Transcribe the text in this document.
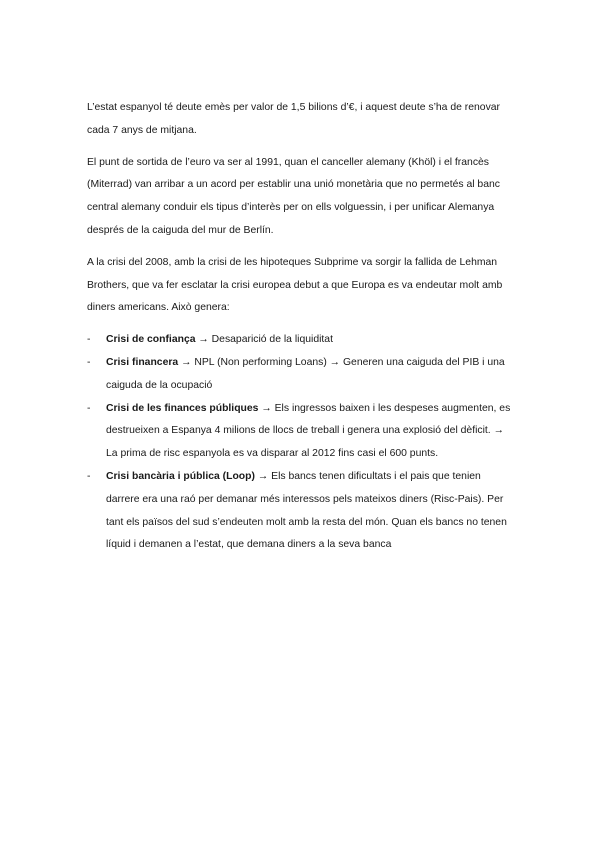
L’estat espanyol té deute emès per valor de 1,5 bilions d’€, i aquest deute s’ha de renovar cada 7 anys de mitjana.

El punt de sortida de l’euro va ser al 1991, quan el canceller alemany (Khöl) i el francès (Miterrad) van arribar a un acord per establir una unió monetària que no permetés al banc central alemany conduir els tipus d’interès per on ells volguessin, i per unificar Alemanya després de la caiguda del mur de Berlín.

A la crisi del 2008, amb la crisi de les hipoteques Subprime va sorgir la fallida de Lehman Brothers, que va fer esclatar la crisi europea debut a que Europa es va endeutar molt amb diners americans. Això genera:

- Crisi de confiança → Desaparició de la liquiditat
- Crisi financera → NPL (Non performing Loans) → Generen una caiguda del PIB i una caiguda de la ocupació
- Crisi de les finances públiques → Els ingressos baixen i les despeses augmenten, es destrueixen a Espanya 4 milions de llocs de treball i genera una explosió del dèficit. → La prima de risc espanyola es va disparar al 2012 fins casi el 600 punts.
- Crisi bancària i pública (Loop) → Els bancs tenen dificultats i el pais que tenien darrere era una raó per demanar més interessos pels mateixos diners (Risc-Pais). Per tant els països del sud s’endeuten molt amb la resta del món. Quan els bancs no tenen líquid i demanen a l’estat, que demana diners a la seva banca
